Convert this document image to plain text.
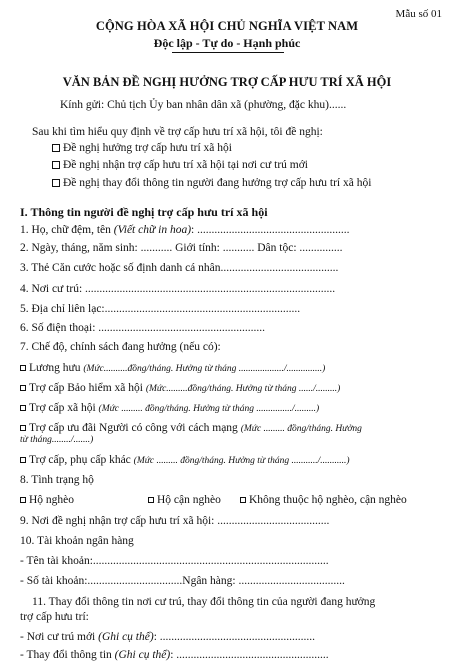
Mẫu số 01
CỘNG HÒA XÃ HỘI CHỦ NGHĨA VIỆT NAM
Độc lập - Tự do - Hạnh phúc
VĂN BẢN ĐỀ NGHỊ HƯỞNG TRỢ CẤP HƯU TRÍ XÃ HỘI
Kính gửi: Chủ tịch Ủy ban nhân dân xã (phường, đặc khu)......
Sau khi tìm hiểu quy định về trợ cấp hưu trí xã hội, tôi đề nghị:
Đề nghị hưởng trợ cấp hưu trí xã hội
Đề nghị nhận trợ cấp hưu trí xã hội tại nơi cư trú mới
Đề nghị thay đổi thông tin người đang hưởng trợ cấp hưu trí xã hội
I. Thông tin người đề nghị trợ cấp hưu trí xã hội
1. Họ, chữ đệm, tên (Viết chữ in hoa): .....................................................
2. Ngày, tháng, năm sinh: ........... Giới tính: ........... Dân tộc: ...............
3. Thẻ Căn cước hoặc số định danh cá nhân.........................................
4. Nơi cư trú: .......................................................................................
5. Địa chỉ liên lạc:....................................................................
6. Số điện thoại: ..........................................................
7. Chế độ, chính sách đang hưởng (nếu có):
Lương hưu (Mức..........đồng/tháng. Hưởng từ tháng .................../...............)
Trợ cấp Bảo hiểm xã hội (Mức.........đồng/tháng. Hưởng từ tháng ....../.........)
Trợ cấp xã hội (Mức ......... đồng/tháng. Hưởng từ tháng .............../.........)
Trợ cấp ưu đãi Người có công với cách mạng (Mức ......... đồng/tháng. Hưởng
từ tháng......../.......)
Trợ cấp, phụ cấp khác (Mức ......... đồng/tháng. Hưởng từ tháng .........../...........)
8. Tình trạng hộ
Hộ nghèo	Hộ cận nghèo	Không thuộc hộ nghèo, cận nghèo
9. Nơi đề nghị nhận trợ cấp hưu trí xã hội: .......................................
10. Tài khoản ngân hàng
- Tên tài khoản:..................................................................................
- Số tài khoản:.................................Ngân hàng: .....................................
11. Thay đổi thông tin nơi cư trú, thay đổi thông tin của người đang hưởng
trợ cấp hưu trí:
- Nơi cư trú mới (Ghi cụ thể): ......................................................
- Thay đổi thông tin (Ghi cụ thể): .....................................................
